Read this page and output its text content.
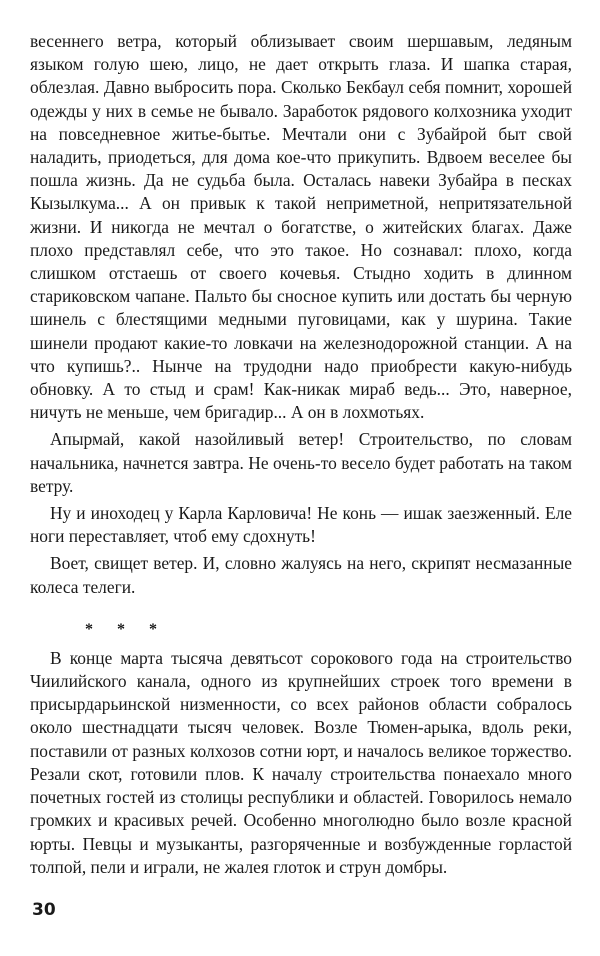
весеннего ветра, который облизывает своим шершавым, ледяным языком голую шею, лицо, не дает открыть глаза. И шапка старая, облезлая. Давно выбросить пора. Сколько Бекбаул себя помнит, хорошей одежды у них в семье не бывало. Заработок рядового колхозника уходит на повседневное житье-бытье. Мечтали они с Зубайрой быт свой наладить, приодеться, для дома кое-что прикупить. Вдвоем веселее бы пошла жизнь. Да не судьба была. Осталась навеки Зубайра в песках Кызылкума... А он привык к такой неприметной, непритязательной жизни. И никогда не мечтал о богатстве, о житейских благах. Даже плохо представлял себе, что это такое. Но сознавал: плохо, когда слишком отстаешь от своего кочевья. Стыдно ходить в длинном стариковском чапане. Пальто бы сносное купить или достать бы черную шинель с блестящими медными пуговицами, как у шурина. Такие шинели продают какие-то ловкачи на железнодорожной станции. А на что купишь?.. Нынче на трудодни надо приобрести какую-нибудь обновку. А то стыд и срам! Как-никак мираб ведь... Это, наверное, ничуть не меньше, чем бригадир... А он в лохмотьях.

Апырмай, какой назойливый ветер! Строительство, по словам начальника, начнется завтра. Не очень-то весело будет работать на таком ветру.

Ну и иноходец у Карла Карловича! Не конь — ишак заезженный. Еле ноги переставляет, чтоб ему сдохнуть!

Воет, свищет ветер. И, словно жалуясь на него, скрипят несмазанные колеса телеги.

* * *

В конце марта тысяча девятьсот сорокового года на строительство Чиилийского канала, одного из крупнейших строек того времени в присырдарьинской низменности, со всех районов области собралось около шестнадцати тысяч человек. Возле Тюмен-арыка, вдоль реки, поставили от разных колхозов сотни юрт, и началось великое торжество. Резали скот, готовили плов. К началу строительства понаехало много почетных гостей из столицы республики и областей. Говорилось немало громких и красивых речей. Особенно многолюдно было возле красной юрты. Певцы и музыканты, разгоряченные и возбужденные горластой толпой, пели и играли, не жалея глоток и струн домбры.

30
